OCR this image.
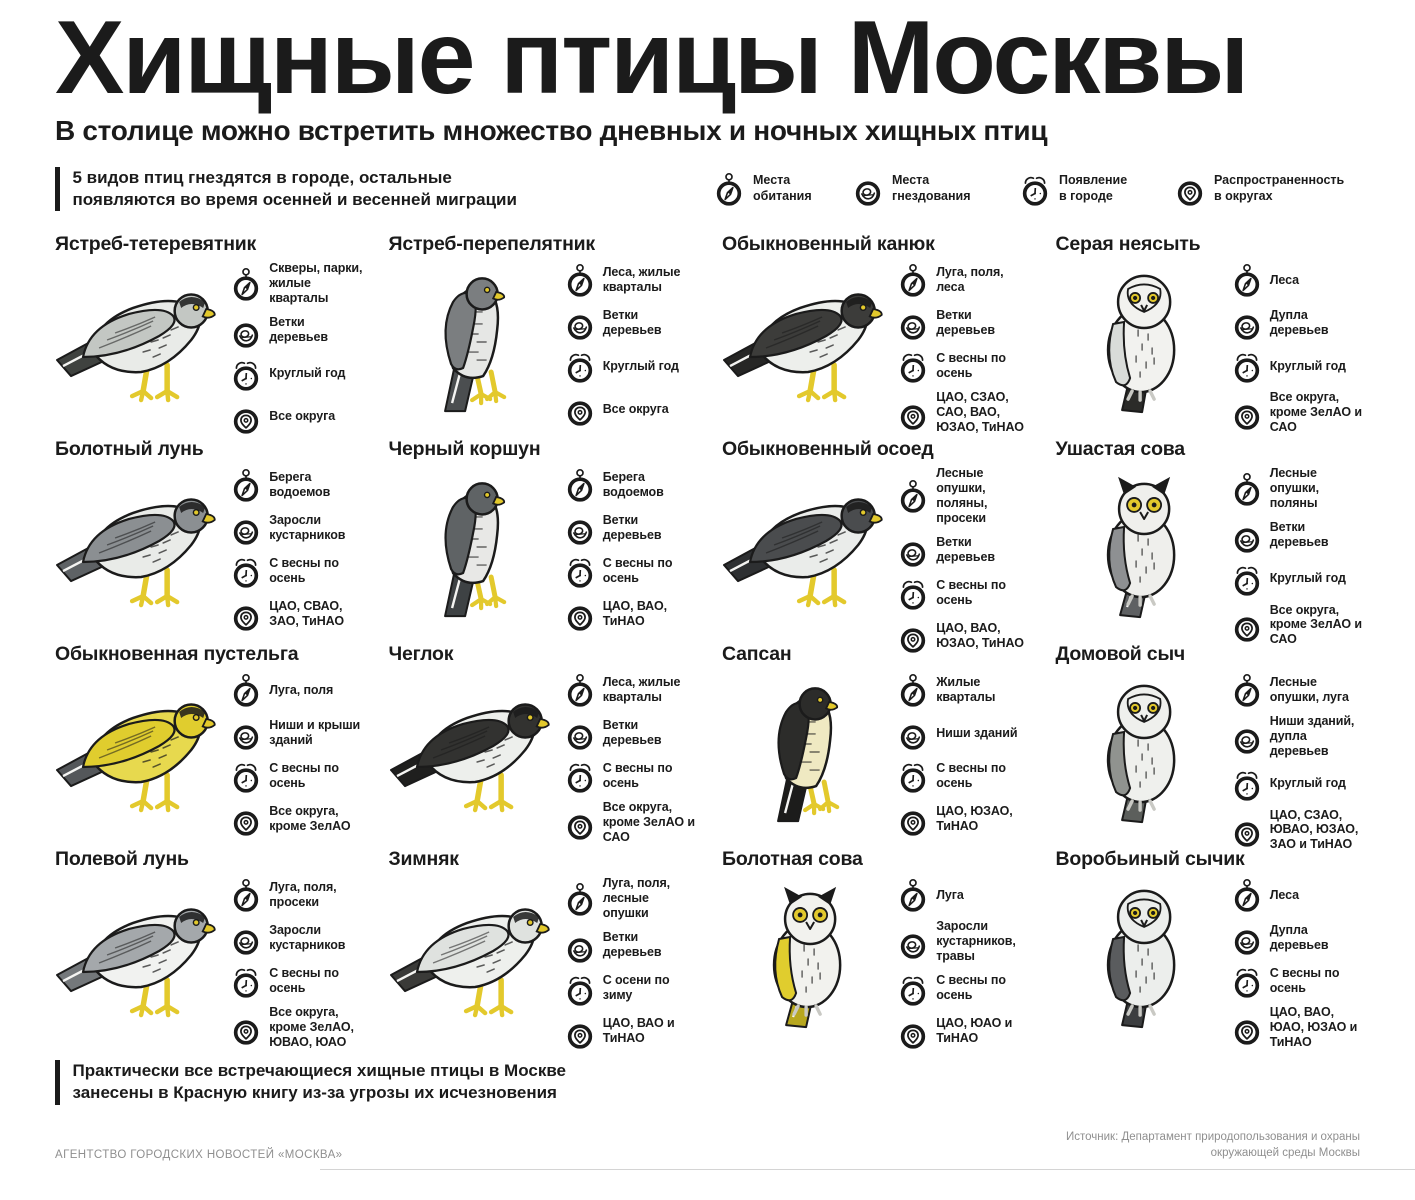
Хищные птицы Москвы
В столице можно встретить множество дневных и ночных хищных птиц
5 видов птиц гнездятся в городе, остальные появляются во время осенней и весенней миграции
Места обитания
Места гнездования
Появление в городе
Распространенность в округах
Ястреб-тетеревятник
Скверы, парки, жилые кварталы
Ветки деревьев
Круглый год
Все округа
Ястреб-перепелятник
Леса, жилые кварталы
Ветки деревьев
Круглый год
Все округа
Обыкновенный канюк
Луга, поля, леса
Ветки деревьев
С весны по осень
ЦАО, СЗАО, САО, ВАО, ЮЗАО, ТиНАО
Серая неясыть
Леса
Дупла деревьев
Круглый год
Все округа, кроме ЗелАО и САО
Болотный лунь
Берега водоемов
Заросли кустарников
С весны по осень
ЦАО, СВАО, ЗАО, ТиНАО
Черный коршун
Берега водоемов
Ветки деревьев
С весны по осень
ЦАО, ВАО, ТиНАО
Обыкновенный осоед
Лесные опушки, поляны, просеки
Ветки деревьев
С весны по осень
ЦАО, ВАО, ЮЗАО, ТиНАО
Ушастая сова
Лесные опушки, поляны
Ветки деревьев
Круглый год
Все округа, кроме ЗелАО и САО
Обыкновенная пустельга
Луга, поля
Ниши и крыши зданий
С весны по осень
Все округа, кроме ЗелАО
Чеглок
Леса, жилые кварталы
Ветки деревьев
С весны по осень
Все округа, кроме ЗелАО и САО
Сапсан
Жилые кварталы
Ниши зданий
С весны по осень
ЦАО, ЮЗАО, ТиНАО
Домовой сыч
Лесные опушки, луга
Ниши зданий, дупла деревьев
Круглый год
ЦАО, СЗАО, ЮВАО, ЮЗАО, ЗАО и ТиНАО
Полевой лунь
Луга, поля, просеки
Заросли кустарников
С весны по осень
Все округа, кроме ЗелАО, ЮВАО, ЮАО
Зимняк
Луга, поля, лесные опушки
Ветки деревьев
С осени по зиму
ЦАО, ВАО и ТиНАО
Болотная сова
Луга
Заросли кустарников, травы
С весны по осень
ЦАО, ЮАО и ТиНАО
Воробьиный сычик
Леса
Дупла деревьев
С весны по осень
ЦАО, ВАО, ЮАО, ЮЗАО и ТиНАО
Практически все встречающиеся хищные птицы в Москве занесены в Красную книгу из-за угрозы их исчезновения
АГЕНТСТВО ГОРОДСКИХ НОВОСТЕЙ «МОСКВА»
Источник: Департамент природопользования и охраны окружающей среды Москвы
